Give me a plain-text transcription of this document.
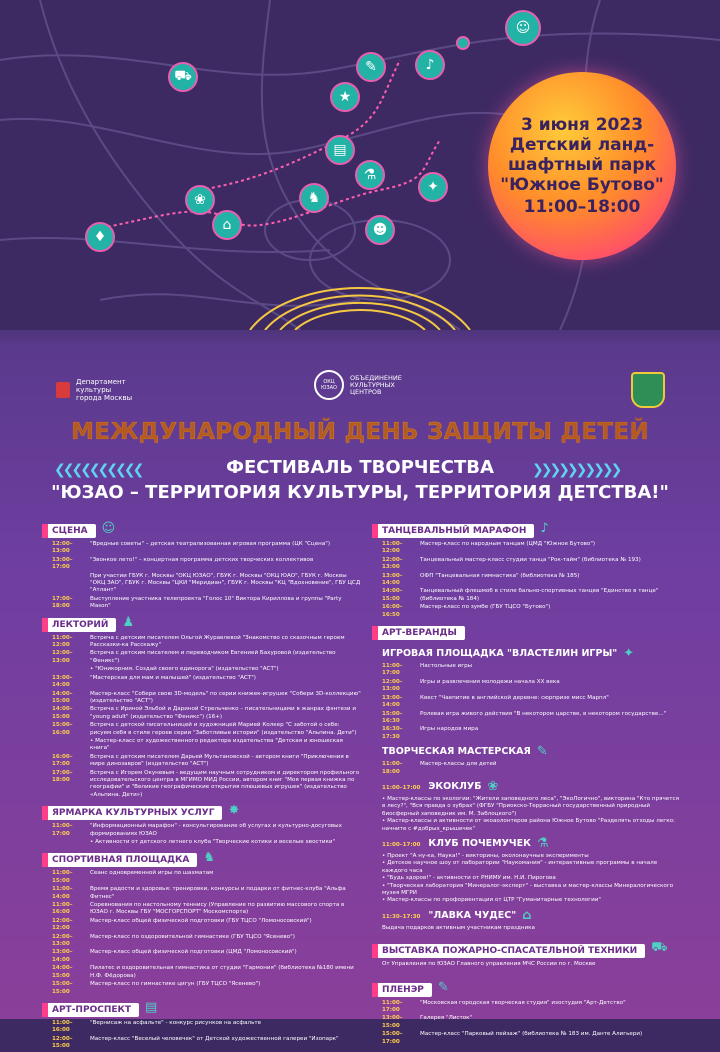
☺
♪
✎
⛟
★
▤
✦
⚗
❀
⌂
♦
♞
☻
3 июня 2023
Детский ланд-
шафтный парк
"Южное Бутово"
11:00–18:00
Департамент
культуры
города Москвы
ОКЦ ЮЗАО
ОБЪЕДИНЕНИЕ
КУЛЬТУРНЫХ
ЦЕНТРОВ
МЕЖДУНАРОДНЫЙ ДЕНЬ ЗАЩИТЫ ДЕТЕЙ
❮❮❮❮❮❮❮❮❮❮	❯❯❯❯❯❯❯❯❯❯
ФЕСТИВАЛЬ ТВОРЧЕСТВА
"ЮЗАО – ТЕРРИТОРИЯ КУЛЬТУРЫ, ТЕРРИТОРИЯ ДЕТСТВА!"
СЦЕНА ☺
12:00–13:00
"Вредные советы" – детская театрализованная игровая программа (ЦК "Сцена")
13:00–17:00
"Звонкое лето!" – концертная программа детских творческих коллективов
При участии ГБУК г. Москвы "ОКЦ ЮЗАО", ГБУК г. Москвы "ОКЦ ЮАО", ГБУК г. Москвы "ОКЦ ЗАО", ГБУК г. Москвы "ЦКИ "Меридиан", ГБУК г. Москвы "КЦ "Вдохновение", ГБУ ЦСД "Атлант"
17:00–18:00
Выступление участника телепроекта "Голос 10" Виктора Кириллова и группы "Party Mason"
ЛЕКТОРИЙ ♟
11:00–12:00
Встреча с детским писателем Ольгой Журавлевой "Знакомство со сказочным героем Рассказки-ка Расскажу"
12:00–13:00
Встреча с детским писателем и переводчиком Евгенией Бахуровой (издательство "Феникс")
• "Юникорния. Создай своего единорога" (издательство "АСТ")
13:00–14:00
"Мастерская для мам и малышей" (издательство "АСТ")
14:00–15:00
Мастер-класс "Собери свою 3D-модель" по серии книжек-игрушек "Собери 3D-коллекцию" (издательство "АСТ")
14:00–15:00
Встреча с Ириной Эльбой и Дариной Стрельченко – писательницами в жанрах фэнтези и "young adult" (издательство "Феникс") (16+)
15:00–16:00
Встреча с детской писательницей и художницей Марией Колкер "С заботой о себе: рисуем себя в стиле героев серии "Заботливые истории" (издательство "Альпина. Дети")
• Мастер-класс от художественного редактора издательства "Детская и юношеская книга"
16:00–17:00
Встреча с детским писателем Дарьей Мультановской - автором книги "Приключения в мире динозавров" (издательство "АСТ")
17:00–18:00
Встреча с Игорем Окуневым - ведущим научным сотрудником и директором профильного исследовательского центра в МГИМО МИД России, автором книг "Моя первая книжка по географии" и "Великие географические открытия плюшевых игрушек" (издательство «Альпина. Дети»)
ЯРМАРКА КУЛЬТУРНЫХ УСЛУГ ✸
11:00–17:00
"Информационный марафон" - консультирование об услугах и культурно-досуговых формированиях ЮЗАО
• Активности от детского летнего клуба "Творческие котики и веселые хвостики"
СПОРТИВНАЯ ПЛОЩАДКА ♞
11:00–15:00
Сеанс одновременной игры по шахматам
11:00–14:00
Время радости и здоровья: тренировки, конкурсы и подарки от фитнес-клуба "Альфа Фитнес"
11:00–16:00
Соревнования по настольному теннису (Управление по развитию массового спорта в ЮЗАО г. Москвы ГБУ "МОСГОРСПОРТ" Москомспорта)
12:00–12:00
Мастер-класс общей физической подготовки (ГБУ ТЦСО "Ломоносовский")
12:00–13:00
Мастер-класс по оздоровительной гимнастике (ГБУ ТЦСО "Ясенево")
13:00–14:00
Мастер-класс общей физической подготовки (ЦМД "Ломоносовский")
14:00–15:00
Пилатес и оздоровительная гимнастика от студии "Гармония" (библиотека №180 имени Н.Ф. Фёдорова)
15:00–15:00
Мастер-класс по гимнастике цигун (ГБУ ТЦСО "Ясенево")
АРТ-ПРОСПЕКТ ▤
11:00–16:00
"Вернисаж на асфальте" - конкурс рисунков на асфальте
12:00–15:00
Мастер-класс "Веселый человечек" от Детской художественной галереи "Изопарк"
ТАНЦЕВАЛЬНЫЙ МАРАФОН ♪
11:00–12:00
Мастер-класс по народным танцам (ЦМД "Южное Бутово")
12:00–13:00
Танцевальный мастер-класс студии танца "Рок-тайм" (библиотека № 193)
13:00–14:00
ОФП "Танцевальная гимнастика" (библиотека № 185)
14:00–15:00
Танцевальный флешмоб в стиле бально-спортивных танцев "Единство в танце" (библиотека № 184)
16:00–16:50
Мастер-класс по зумбе (ГБУ ТЦСО "Бутово")
АРТ-ВЕРАНДЫ
ИГРОВАЯ ПЛОЩАДКА "ВЛАСТЕЛИН ИГРЫ" ✦
11:00–17:00
Настольные игры
12:00–13:00
Игры и развлечения молодежи начала ХХ века
13:00–14:00
Квест "Чаепитие в английской деревне: сюрпризе мисс Марпл"
15:00–16:30
Ролевая игра живого действия "В некотором царстве, в некотором государстве..."
16:30–17:30
Игры народов мира
ТВОРЧЕСКАЯ МАСТЕРСКАЯ ✎
11:00–18:00
Мастер-классы для детей
11:00–17:00 ЭКОКЛУБ ❀
• Мастер-классы по экологии: "Жители заповедного леса", "ЭкоЛогично", викторина "Кто прячется в лесу?", "Вся правда о зубрах" (ФГБУ "Приокско-Террасный государственный природный биосферный заповедник им. М. Заблоцкого")
• Мастер-классы и активности от экоаолонтеров района Южное Бутово "Разделять отходы легко: начните с #добрых_крышечек"
11:00–17:00 КЛУБ ПОЧЕМУЧЕК ⚗
• Проект "А ну-ка, Наука!" - викторины, околонаучные эксперименты
• Детское научное шоу от лаборатории "Наукомания" - интерактивные программы в начале каждого часа
• "Будь здоров!" - активности от РНИМУ им. Н.И. Пирогова
• "Творческая лаборатория "Минералог-эксперт" - выставка и мастер-классы Минералогического музея МГРИ
• Мастер-классы по профориентации от ЦТР "Гуманитарные технологии"
11:30–17:30 "ЛАВКА ЧУДЕС" ⌂
Выдача подарков активным участникам праздника
ВЫСТАВКА ПОЖАРНО-СПАСАТЕЛЬНОЙ ТЕХНИКИ ⛟
От Управления по ЮЗАО Главного управления МЧС России по г. Москве
ПЛЕНЭР ✎
11:00–17:00
"Московская городская творческая студия" изостудия "Арт-Детство"
13:00–15:00
Галерея "Листок"
15:00–17:00
Мастер-класс "Парковый пейзаж" (библиотека № 183 им. Данте Алигьери)
